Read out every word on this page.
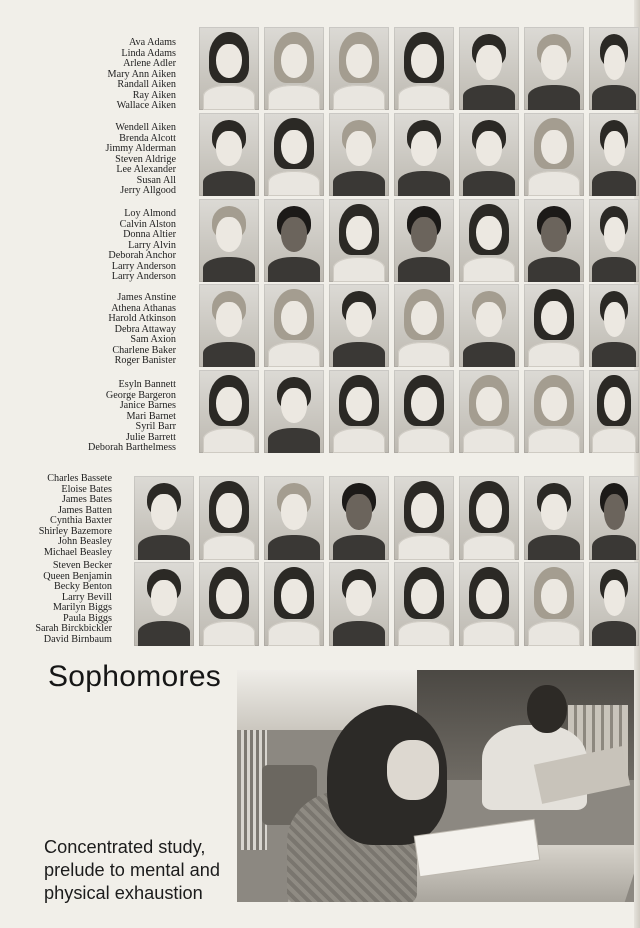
Ava Adams
Linda Adams
Arlene Adler
Mary Ann Aiken
Randall Aiken
Ray Aiken
Wallace Aiken
Wendell Aiken
Brenda Alcott
Jimmy Alderman
Steven Aldrige
Lee Alexander
Susan All
Jerry Allgood
Loy Almond
Calvin Alston
Donna Altier
Larry Alvin
Deborah Anchor
Larry Anderson
Larry Anderson
James Anstine
Athena Athanas
Harold Atkinson
Debra Attaway
Sam Axion
Charlene Baker
Roger Banister
Esyln Bannett
George Bargeron
Janice Barnes
Mari Barnet
Syril Barr
Julie Barrett
Deborah Barthelmess
Charles Bassete
Eloise Bates
James Bates
James Batten
Cynthia Baxter
Shirley Bazemore
John Beasley
Michael Beasley
Steven Becker
Queen Benjamin
Becky Benton
Larry Bevill
Marilyn Biggs
Paula Biggs
Sarah Birckbickler
David Birnbaum
Sophomores

Concentrated study,
prelude to mental and
physical exhaustion
